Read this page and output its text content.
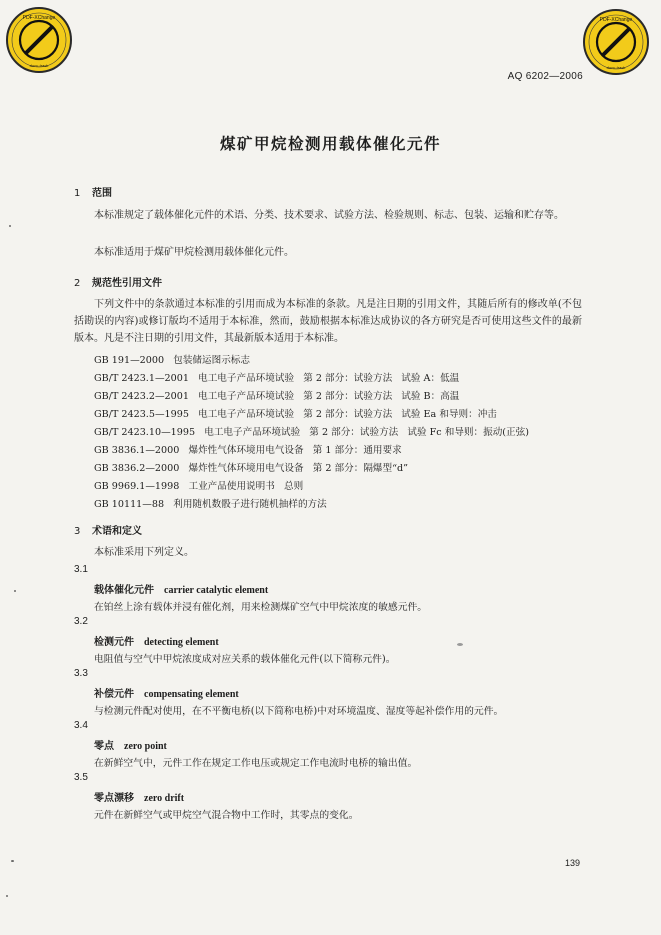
PDF-XChange
docu-track
PDF-XChange
docu-track
AQ 6202—2006
煤矿甲烷检测用载体催化元件
1 范围
本标准规定了载体催化元件的术语、分类、技术要求、试验方法、检验规则、标志、包装、运输和贮存等。
本标准适用于煤矿甲烷检测用载体催化元件。
2 规范性引用文件
下列文件中的条款通过本标准的引用而成为本标准的条款。凡是注日期的引用文件，其随后所有的修改单(不包括勘误的内容)或修订版均不适用于本标准，然而，鼓励根据本标准达成协议的各方研究是否可使用这些文件的最新版本。凡是不注日期的引用文件，其最新版本适用于本标准。
GB 191—2000   包装储运图示标志
GB/T 2423.1—2001   电工电子产品环境试验   第 2 部分：试验方法   试验 A：低温
GB/T 2423.2—2001   电工电子产品环境试验   第 2 部分：试验方法   试验 B：高温
GB/T 2423.5—1995   电工电子产品环境试验   第 2 部分：试验方法   试验 Ea 和导则：冲击
GB/T 2423.10—1995   电工电子产品环境试验   第 2 部分：试验方法   试验 Fc 和导则：振动(正弦)
GB 3836.1—2000   爆炸性气体环境用电气设备   第 1 部分：通用要求
GB 3836.2—2000   爆炸性气体环境用电气设备   第 2 部分：隔爆型“d”
GB 9969.1—1998   工业产品使用说明书   总则
GB 10111—88   利用随机数骰子进行随机抽样的方法
3 术语和定义
本标准采用下列定义。
3.1
载体催化元件 carrier catalytic element
在铂丝上涂有载体并浸有催化剂，用来检测煤矿空气中甲烷浓度的敏感元件。
3.2
检测元件 detecting element
电阻值与空气中甲烷浓度成对应关系的载体催化元件(以下简称元件)。
3.3
补偿元件 compensating element
与检测元件配对使用，在不平衡电桥(以下简称电桥)中对环境温度、湿度等起补偿作用的元件。
3.4
零点 zero point
在新鲜空气中，元件工作在规定工作电压或规定工作电流时电桥的输出值。
3.5
零点漂移 zero drift
元件在新鲜空气或甲烷空气混合物中工作时，其零点的变化。
139
